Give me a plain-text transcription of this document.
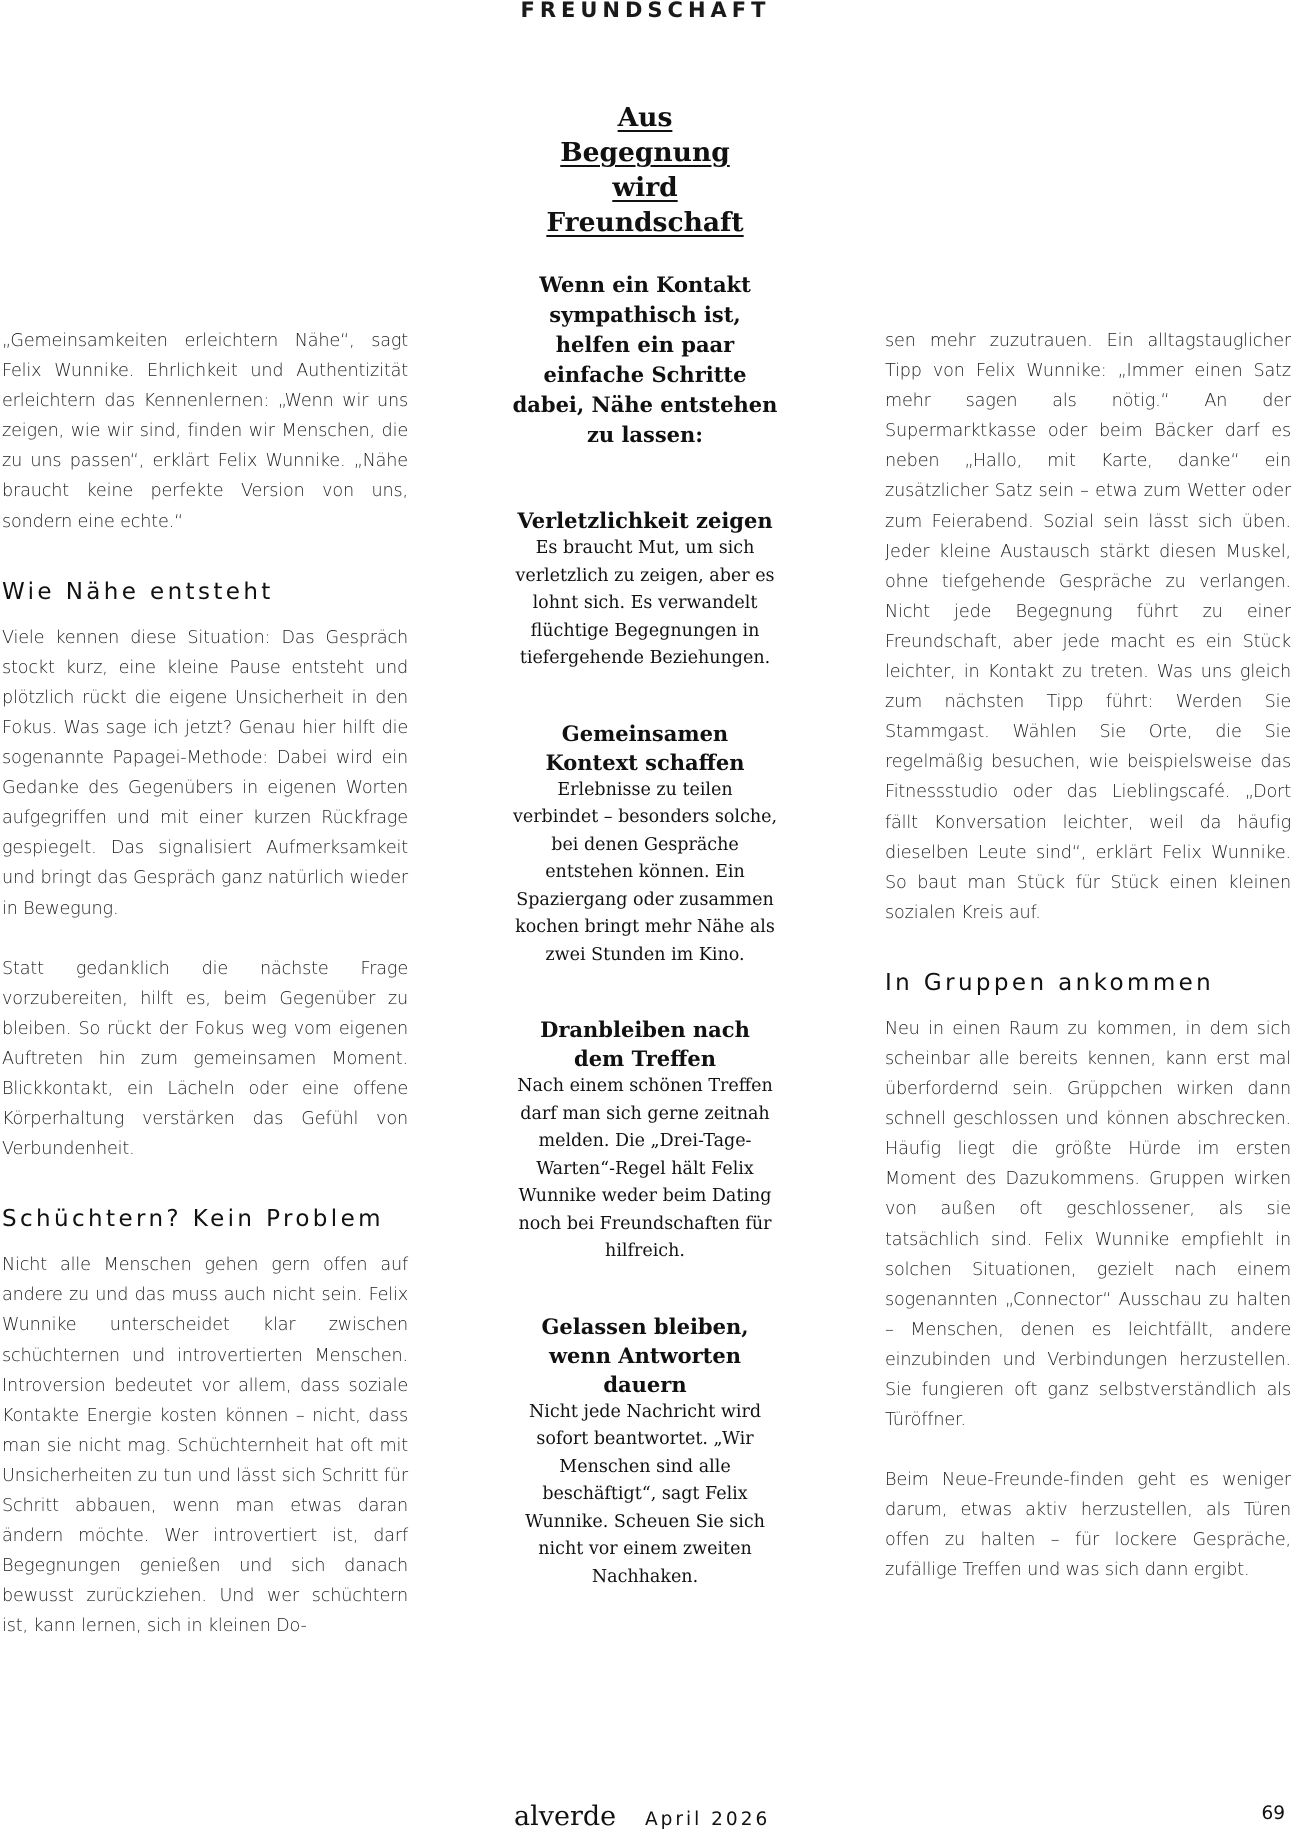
FREUNDSCHAFT

„Gemeinsamkeiten erleichtern Nähe“, sagt Felix Wunnike. Ehrlichkeit und Authentizität erleichtern das Kennenlernen: „Wenn wir uns zeigen, wie wir sind, finden wir Menschen, die zu uns passen“, erklärt Felix Wunnike. „Nähe braucht keine perfekte Version von uns, sondern eine echte.“

Wie Nähe entsteht

Viele kennen diese Situation: Das Gespräch stockt kurz, eine kleine Pause entsteht und plötzlich rückt die eigene Unsicherheit in den Fokus. Was sage ich jetzt? Genau hier hilft die sogenannte Papagei-Methode: Dabei wird ein Gedanke des Gegenübers in eigenen Worten aufgegriffen und mit einer kurzen Rückfrage gespiegelt. Das signalisiert Aufmerksamkeit und bringt das Gespräch ganz natürlich wieder in Bewegung.

Statt gedanklich die nächste Frage vorzubereiten, hilft es, beim Gegenüber zu bleiben. So rückt der Fokus weg vom eigenen Auftreten hin zum gemeinsamen Moment. Blickkontakt, ein Lächeln oder eine offene Körperhaltung verstärken das Gefühl von Verbundenheit.

Schüchtern? Kein Problem

Nicht alle Menschen gehen gern offen auf andere zu und das muss auch nicht sein. Felix Wunnike unterscheidet klar zwischen schüchternen und introvertierten Menschen. Introversion bedeutet vor allem, dass soziale Kontakte Energie kosten können – nicht, dass man sie nicht mag. Schüchternheit hat oft mit Unsicherheiten zu tun und lässt sich Schritt für Schritt abbauen, wenn man etwas daran ändern möchte. Wer introvertiert ist, darf Begegnungen genießen und sich danach bewusst zurückziehen. Und wer schüchtern ist, kann lernen, sich in kleinen Do-

Aus Begegnung wird Freundschaft

Wenn ein Kontakt sympathisch ist, helfen ein paar einfache Schritte dabei, Nähe entstehen zu lassen:

Verletzlichkeit zeigen

Es braucht Mut, um sich verletzlich zu zeigen, aber es lohnt sich. Es verwandelt flüchtige Begegnungen in tiefergehende Beziehungen.

Gemeinsamen Kontext schaffen

Erlebnisse zu teilen verbindet – besonders solche, bei denen Gespräche entstehen können. Ein Spaziergang oder zusammen kochen bringt mehr Nähe als zwei Stunden im Kino.

Dranbleiben nach dem Treffen

Nach einem schönen Treffen darf man sich gerne zeitnah melden. Die „Drei-Tage-Warten“-Regel hält Felix Wunnike weder beim Dating noch bei Freundschaften für hilfreich.

Gelassen bleiben, wenn Antworten dauern

Nicht jede Nachricht wird sofort beantwortet. „Wir Menschen sind alle beschäftigt“, sagt Felix Wunnike. Scheuen Sie sich nicht vor einem zweiten Nachhaken.

sen mehr zuzutrauen. Ein alltagstauglicher Tipp von Felix Wunnike: „Immer einen Satz mehr sagen als nötig.“ An der Supermarktkasse oder beim Bäcker darf es neben „Hallo, mit Karte, danke“ ein zusätzlicher Satz sein – etwa zum Wetter oder zum Feierabend. Sozial sein lässt sich üben. Jeder kleine Austausch stärkt diesen Muskel, ohne tiefgehende Gespräche zu verlangen. Nicht jede Begegnung führt zu einer Freundschaft, aber jede macht es ein Stück leichter, in Kontakt zu treten. Was uns gleich zum nächsten Tipp führt: Werden Sie Stammgast. Wählen Sie Orte, die Sie regelmäßig besuchen, wie beispielsweise das Fitnessstudio oder das Lieblingscafé. „Dort fällt Konversation leichter, weil da häufig dieselben Leute sind“, erklärt Felix Wunnike. So baut man Stück für Stück einen kleinen sozialen Kreis auf.

In Gruppen ankommen

Neu in einen Raum zu kommen, in dem sich scheinbar alle bereits kennen, kann erst mal überfordernd sein. Grüppchen wirken dann schnell geschlossen und können abschrecken. Häufig liegt die größte Hürde im ersten Moment des Dazukommens. Gruppen wirken von außen oft geschlossener, als sie tatsächlich sind. Felix Wunnike empfiehlt in solchen Situationen, gezielt nach einem sogenannten „Connector“ Ausschau zu halten – Menschen, denen es leichtfällt, andere einzubinden und Verbindungen herzustellen. Sie fungieren oft ganz selbstverständlich als Türöffner.

Beim Neue-Freunde-finden geht es weniger darum, etwas aktiv herzustellen, als Türen offen zu halten – für lockere Gespräche, zufällige Treffen und was sich dann ergibt.

alverde April 2026	69
